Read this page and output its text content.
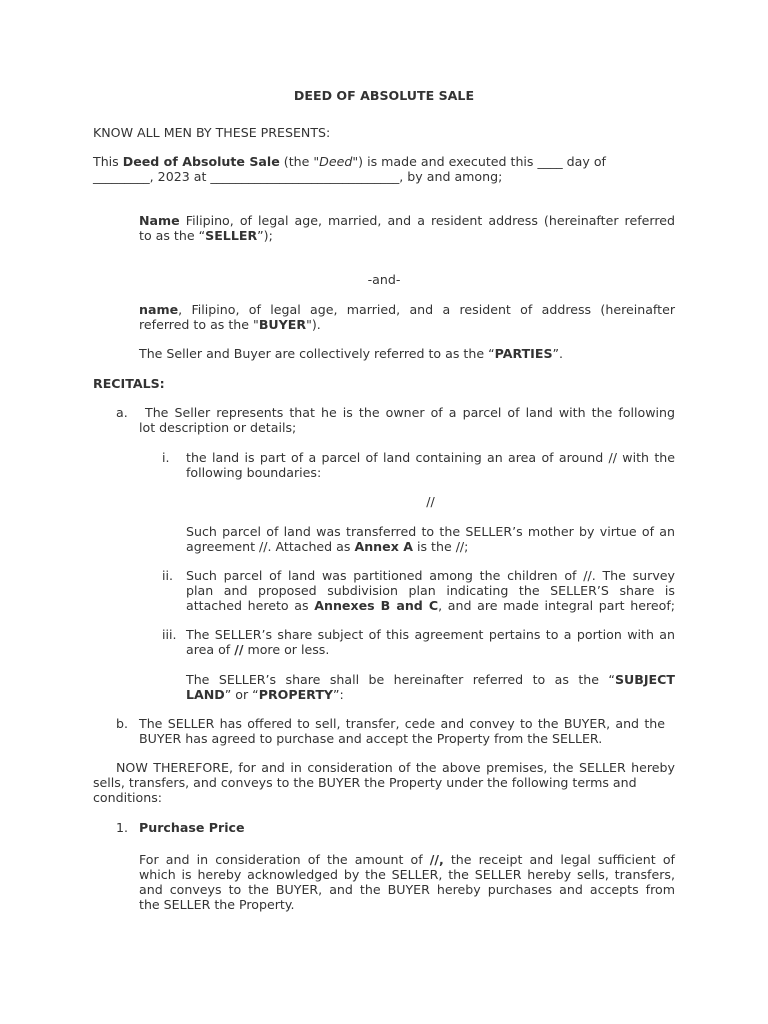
DEED OF ABSOLUTE SALE
KNOW ALL MEN BY THESE PRESENTS:
This Deed of Absolute Sale (the "Deed") is made and executed this ____ day of
_________, 2023 at ______________________________, by and among;
Name Filipino, of legal age, married, and a resident address (hereinafter referred
to as the “SELLER”);
-and-
name, Filipino, of legal age, married, and a resident of address (hereinafter
referred to as the "BUYER").
The Seller and Buyer are collectively referred to as the “PARTIES”.
RECITALS:
a. The Seller represents that he is the owner of a parcel of land with the following
lot description or details;
i. the land is part of a parcel of land containing an area of around // with the
following boundaries:
//
Such parcel of land was transferred to the SELLER’s mother by virtue of an
agreement //. Attached as Annex A is the //;
ii. Such parcel of land was partitioned among the children of //. The survey
plan and proposed subdivision plan indicating the SELLER’S share is
attached hereto as Annexes B and C, and are made integral part hereof;
iii. The SELLER’s share subject of this agreement pertains to a portion with an
area of // more or less.
The SELLER’s share shall be hereinafter referred to as the “SUBJECT
LAND” or “PROPERTY”:
b. The SELLER has offered to sell, transfer, cede and convey to the BUYER, and the
BUYER has agreed to purchase and accept the Property from the SELLER.
NOW THEREFORE, for and in consideration of the above premises, the SELLER hereby
sells, transfers, and conveys to the BUYER the Property under the following terms and
conditions:
1. Purchase Price
For and in consideration of the amount of //, the receipt and legal sufficient of
which is hereby acknowledged by the SELLER, the SELLER hereby sells, transfers,
and conveys to the BUYER, and the BUYER hereby purchases and accepts from
the SELLER the Property.
